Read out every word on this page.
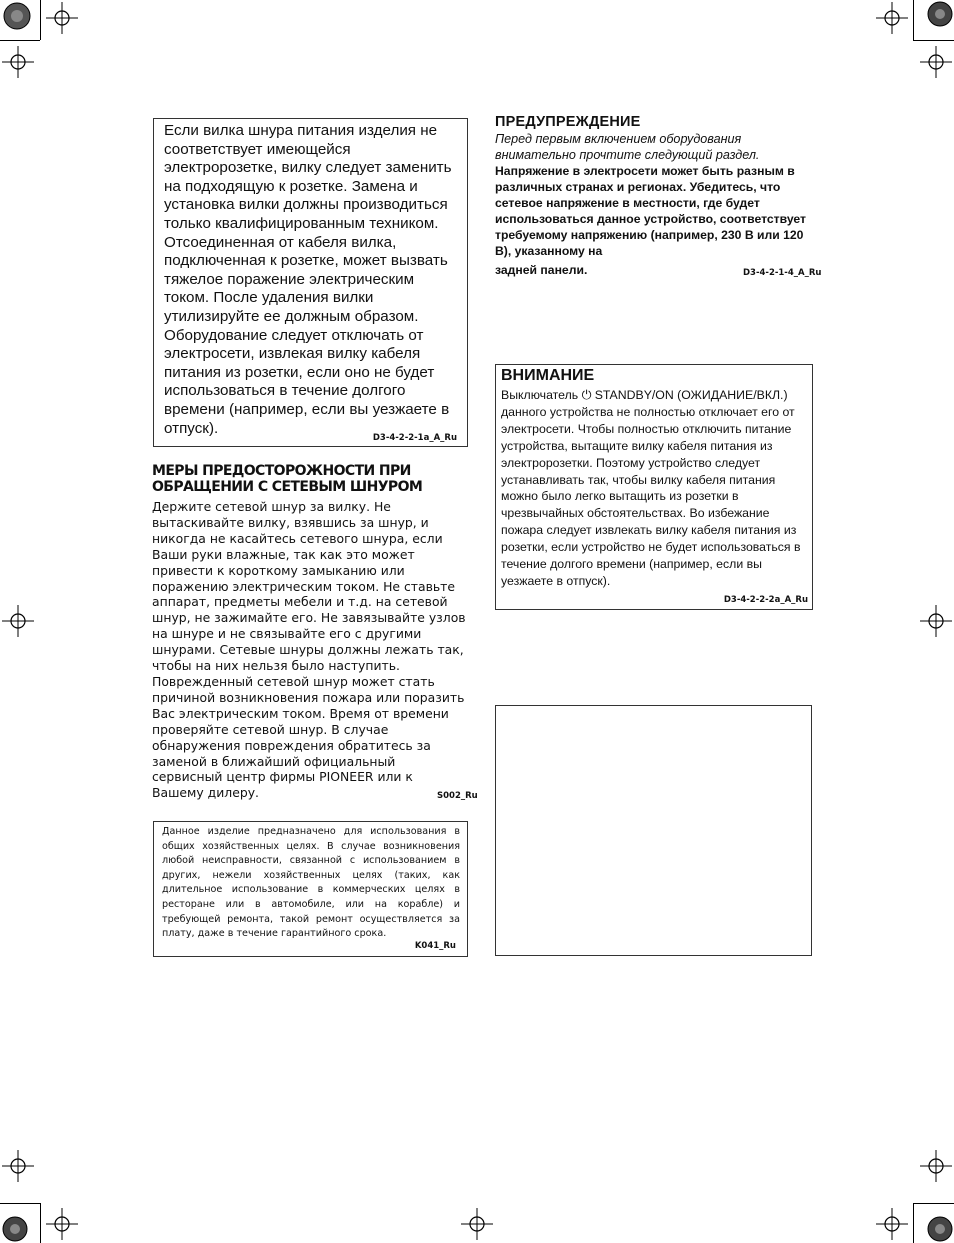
Если вилка шнура питания изделия не соответствует имеющейся электророзетке, вилку следует заменить на подходящую к розетке. Замена и установка вилки должны производиться только квалифицированным техником. Отсоединенная от кабеля вилка, подключенная к розетке, может вызвать тяжелое поражение электрическим током. После удаления вилки утилизируйте ее должным образом. Оборудование следует отключать от электросети, извлекая вилку кабеля питания из розетки, если оно не будет использоваться в течение долгого времени (например, если вы уезжаете в отпуск).

D3-4-2-2-1a_A_Ru
МЕРЫ ПРЕДОСТОРОЖНОСТИ ПРИ ОБРАЩЕНИИ С СЕТЕВЫМ ШНУРОМ

Держите сетевой шнур за вилку. Не вытаскивайте вилку, взявшись за шнур, и никогда не касайтесь сетевого шнура, если Ваши руки влажные, так как это может привести к короткому замыканию или поражению электрическим током. Не ставьте аппарат, предметы мебели и т.д. на сетевой шнур, не зажимайте его. Не завязывайте узлов на шнуре и не связывайте его с другими шнурами. Сетевые шнуры должны лежать так, чтобы на них нельзя было наступить. Поврежденный сетевой шнур может стать причиной возникновения пожара или поразить Вас электрическим током. Время от времени проверяйте сетевой шнур. В случае обнаружения повреждения обратитесь за заменой в ближайший официальный сервисный центр фирмы PIONEER или к Вашему дилеру.	S002_Ru

Данное изделие предназначено для использования в общих хозяйственных целях. В случае возникновения любой неисправности, связанной с использованием в других, нежели хозяйственных целях (таких, как длительное использование в коммерческих целях в ресторане или в автомобиле, или на корабле) и требующей ремонта, такой ремонт осуществляется за плату, даже в течение гарантийного срока.

K041_Ru
ПРЕДУПРЕЖДЕНИЕ

Перед первым включением оборудования внимательно прочтите следующий раздел.

Напряжение в электросети может быть разным в различных странах и регионах. Убедитесь, что сетевое напряжение в местности, где будет использоваться данное устройство, соответствует требуемому напряжению (например, 230 В или 120 В), указанному на

задней панели.	D3-4-2-1-4_A_Ru
ВНИМАНИЕ

Выключатель ⏻ STANDBY/ON (ОЖИДАНИЕ/ВКЛ.) данного устройства не полностью отключает его от электросети. Чтобы полностью отключить питание устройства, вытащите вилку кабеля питания из электророзетки. Поэтому устройство следует устанавливать так, чтобы вилку кабеля питания можно было легко вытащить из розетки в чрезвычайных обстоятельствах. Во избежание пожара следует извлекать вилку кабеля питания из розетки, если устройство не будет использоваться в течение долгого времени (например, если вы уезжаете в отпуск).

D3-4-2-2-2a_A_Ru
